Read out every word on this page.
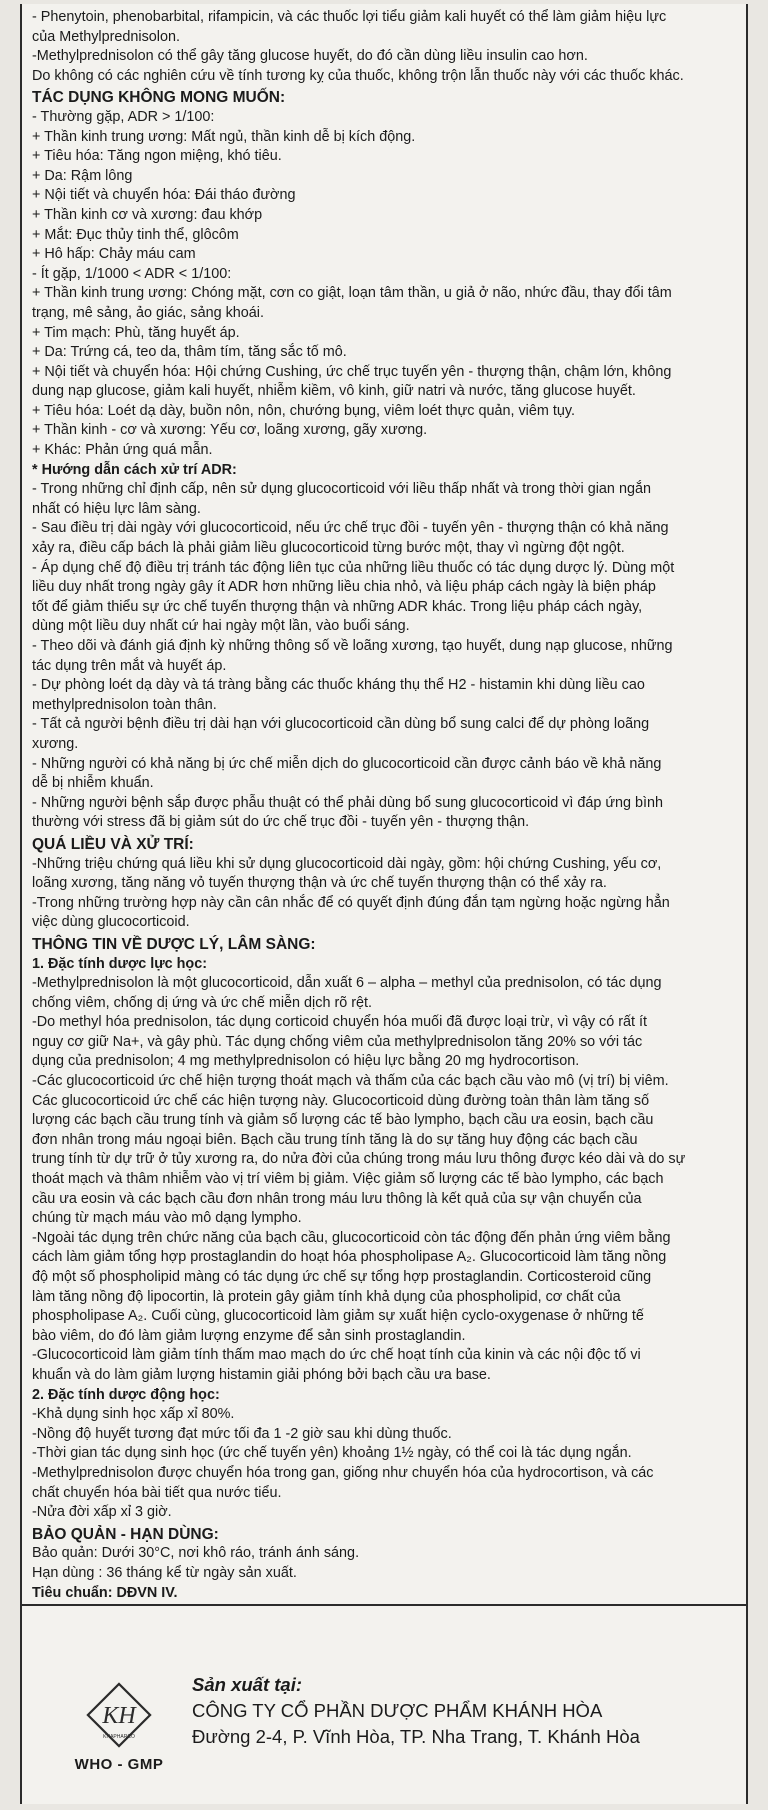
- Phenytoin, phenobarbital, rifampicin, và các thuốc lợi tiểu giảm kali huyết có thể làm giảm hiệu lực
của Methylprednisolon.
-Methylprednisolon có thể gây tăng glucose huyết, do đó cần dùng liều insulin cao hơn.
Do không có các nghiên cứu về tính tương kỵ của thuốc, không trộn lẫn thuốc này với các thuốc khác.
TÁC DỤNG KHÔNG MONG MUỐN:
- Thường gặp, ADR > 1/100:
+ Thần kinh trung ương: Mất ngủ, thần kinh dễ bị kích động.
+ Tiêu hóa: Tăng ngon miệng, khó tiêu.
+ Da: Rậm lông
+ Nội tiết và chuyển hóa: Đái tháo đường
+ Thần kinh cơ và xương: đau khớp
+ Mắt: Đục thủy tinh thể, glôcôm
+ Hô hấp: Chảy máu cam
- Ít gặp, 1/1000 < ADR < 1/100:
+ Thần kinh trung ương: Chóng mặt, cơn co giật, loạn tâm thần, u giả ở não, nhức đầu, thay đổi tâm
trạng, mê sảng, ảo giác, sảng khoái.
+ Tim mạch: Phù, tăng huyết áp.
+ Da: Trứng cá, teo da, thâm tím, tăng sắc tố mô.
+ Nội tiết và chuyển hóa: Hội chứng Cushing, ức chế trục tuyến yên - thượng thận, chậm lớn, không
dung nạp glucose, giảm kali huyết, nhiễm kiềm, vô kinh, giữ natri và nước, tăng glucose huyết.
+ Tiêu hóa: Loét dạ dày, buồn nôn, nôn, chướng bụng, viêm loét thực quản, viêm tụy.
+ Thần kinh - cơ và xương: Yếu cơ, loãng xương, gãy xương.
+ Khác: Phản ứng quá mẫn.
* Hướng dẫn cách xử trí ADR:
- Trong những chỉ định cấp, nên sử dụng glucocorticoid với liều thấp nhất và trong thời gian ngắn
nhất có hiệu lực lâm sàng.
- Sau điều trị dài ngày với glucocorticoid, nếu ức chế trục đồi - tuyến yên - thượng thận có khả năng
xảy ra, điều cấp bách là phải giảm liều glucocorticoid từng bước một, thay vì ngừng đột ngột.
- Áp dụng chế độ điều trị tránh tác động liên tục của những liều thuốc có tác dụng dược lý. Dùng một
liều duy nhất trong ngày gây ít ADR hơn những liều chia nhỏ, và liệu pháp cách ngày là biện pháp
tốt để giảm thiểu sự ức chế tuyến thượng thận và những ADR khác. Trong liệu pháp cách ngày,
dùng một liều duy nhất cứ hai ngày một lần, vào buổi sáng.
- Theo dõi và đánh giá định kỳ những thông số về loãng xương, tạo huyết, dung nạp glucose, những
tác dụng trên mắt và huyết áp.
- Dự phòng loét dạ dày và tá tràng bằng các thuốc kháng thụ thể H2 - histamin khi dùng liều cao
methylprednisolon toàn thân.
- Tất cả người bệnh điều trị dài hạn với glucocorticoid cần dùng bổ sung calci để dự phòng loãng
xương.
- Những người có khả năng bị ức chế miễn dịch do glucocorticoid cần được cảnh báo về khả năng
dễ bị nhiễm khuẩn.
- Những người bệnh sắp được phẫu thuật có thể phải dùng bổ sung glucocorticoid vì đáp ứng bình
thường với stress đã bị giảm sút do ức chế trục đồi - tuyến yên - thượng thận.
QUÁ LIỀU VÀ XỬ TRÍ:
-Những triệu chứng quá liều khi sử dụng glucocorticoid dài ngày, gồm: hội chứng Cushing, yếu cơ,
loãng xương, tăng năng vỏ tuyến thượng thận và ức chế tuyến thượng thận có thể xảy ra.
-Trong những trường hợp này cần cân nhắc để có quyết định đúng đắn tạm ngừng hoặc ngừng hẳn
việc dùng glucocorticoid.
THÔNG TIN VỀ DƯỢC LÝ, LÂM SÀNG:
1. Đặc tính dược lực học:
-Methylprednisolon là một glucocorticoid, dẫn xuất 6 – alpha – methyl của prednisolon, có tác dụng
chống viêm, chống dị ứng và ức chế miễn dịch rõ rệt.
-Do methyl hóa prednisolon, tác dụng corticoid chuyển hóa muối đã được loại trừ, vì vậy có rất ít
nguy cơ giữ Na+, và gây phù. Tác dụng chống viêm của methylprednisolon tăng 20% so với tác
dụng của prednisolon; 4 mg methylprednisolon có hiệu lực bằng 20 mg hydrocortison.
-Các glucocorticoid ức chế hiện tượng thoát mạch và thấm của các bạch cầu vào mô (vị trí) bị viêm.
Các glucocorticoid ức chế các hiện tượng này. Glucocorticoid dùng đường toàn thân làm tăng số
lượng các bạch cầu trung tính và giảm số lượng các tế bào lympho, bạch cầu ưa eosin, bạch cầu
đơn nhân trong máu ngoại biên. Bạch cầu trung tính tăng là do sự tăng huy động các bạch cầu
trung tính từ dự trữ ở tủy xương ra, do nửa đời của chúng trong máu lưu thông được kéo dài và do sự
thoát mạch và thâm nhiễm vào vị trí viêm bị giảm. Việc giảm số lượng các tế bào lympho, các bạch
cầu ưa eosin và các bạch cầu đơn nhân trong máu lưu thông là kết quả của sự vận chuyển của
chúng từ mạch máu vào mô dạng lympho.
-Ngoài tác dụng trên chức năng của bạch cầu, glucocorticoid còn tác động đến phản ứng viêm bằng
cách làm giảm tổng hợp prostaglandin do hoạt hóa phospholipase A₂. Glucocorticoid làm tăng nồng
độ một số phospholipid màng có tác dụng ức chế sự tổng hợp prostaglandin. Corticosteroid cũng
làm tăng nồng độ lipocortin, là protein gây giảm tính khả dụng của phospholipid, cơ chất của
phospholipase A₂. Cuối cùng, glucocorticoid làm giảm sự xuất hiện cyclo-oxygenase ở những tế
bào viêm, do đó làm giảm lượng enzyme để sản sinh prostaglandin.
-Glucocorticoid làm giảm tính thấm mao mạch do ức chế hoạt tính của kinin và các nội độc tố vi
khuẩn và do làm giảm lượng histamin giải phóng bởi bạch cầu ưa base.
2. Đặc tính dược động học:
-Khả dụng sinh học xấp xỉ 80%.
-Nồng độ huyết tương đạt mức tối đa 1 -2 giờ sau khi dùng thuốc.
-Thời gian tác dụng sinh học (ức chế tuyến yên) khoảng 1½ ngày, có thể coi là tác dụng ngắn.
-Methylprednisolon được chuyển hóa trong gan, giống như chuyển hóa của hydrocortison, và các
chất chuyển hóa bài tiết qua nước tiểu.
-Nửa đời xấp xỉ 3 giờ.
BẢO QUẢN - HẠN DÙNG:
Bảo quản: Dưới 30°C, nơi khô ráo, tránh ánh sáng.
Hạn dùng : 36 tháng kể từ ngày sản xuất.
Tiêu chuẩn: DĐVN IV.
KH
KHAPHARCO
WHO - GMP
Sản xuất tại:
CÔNG TY CỔ PHẦN DƯỢC PHẨM KHÁNH HÒA
Đường 2-4, P. Vĩnh Hòa, TP. Nha Trang, T. Khánh Hòa
